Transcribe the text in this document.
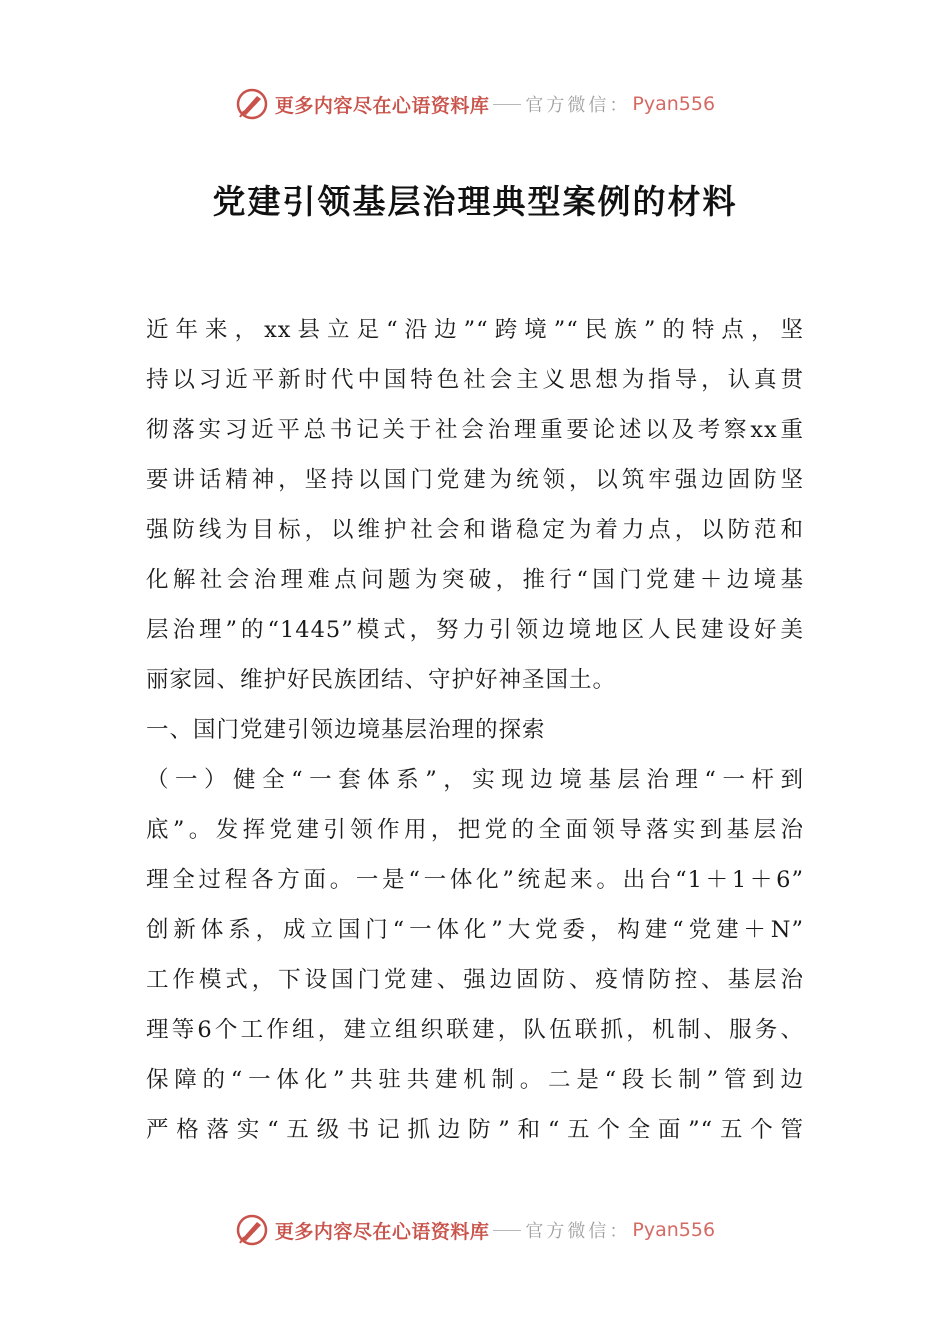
更多内容尽在心语资料库 官方微信： Pyan556
党建引领基层治理典型案例的材料
近年来，xx县立足“沿边”“跨境”“民族”的特点，坚
持以习近平新时代中国特色社会主义思想为指导，认真贯
彻落实习近平总书记关于社会治理重要论述以及考察xx重
要讲话精神，坚持以国门党建为统领，以筑牢强边固防坚
强防线为目标，以维护社会和谐稳定为着力点，以防范和
化解社会治理难点问题为突破，推行“国门党建＋边境基
层治理”的“1445”模式，努力引领边境地区人民建设好美
丽家园、维护好民族团结、守护好神圣国土。
一、国门党建引领边境基层治理的探索
（一）健全“一套体系”，实现边境基层治理“一杆到
底”。发挥党建引领作用，把党的全面领导落实到基层治
理全过程各方面。一是“一体化”统起来。出台“1＋1＋6”
创新体系，成立国门“一体化”大党委，构建“党建＋N”
工作模式，下设国门党建、强边固防、疫情防控、基层治
理等6个工作组，建立组织联建，队伍联抓，机制、服务、
保障的“一体化”共驻共建机制。二是“段长制”管到边
严格落实“五级书记抓边防”和“五个全面”“五个管
更多内容尽在心语资料库 官方微信： Pyan556
